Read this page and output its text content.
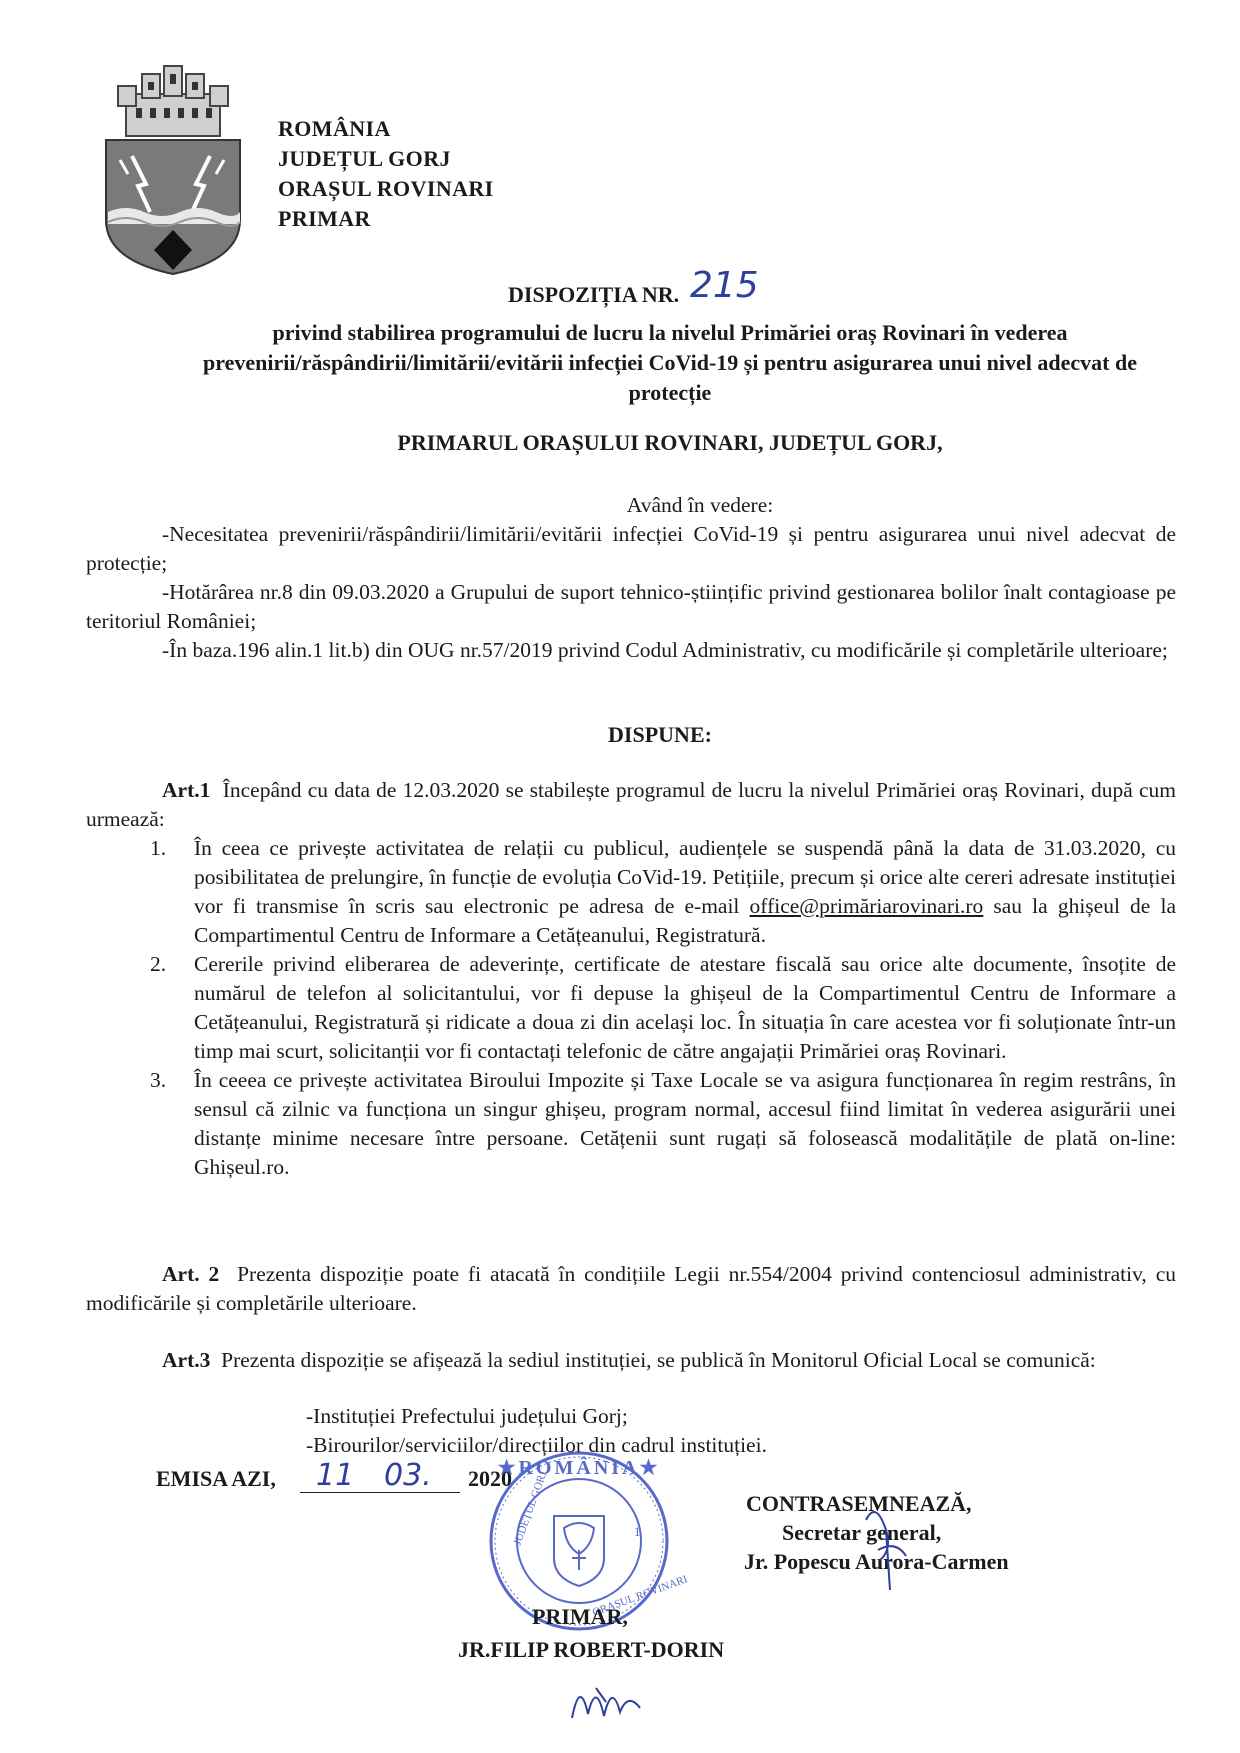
ROMÂNIA
JUDEȚUL GORJ
ORAȘUL ROVINARI
PRIMAR
DISPOZIȚIA NR. 215
privind stabilirea programului de lucru la nivelul Primăriei oraș Rovinari în vederea prevenirii/răspândirii/limitării/evitării infecției CoVid-19 și pentru asigurarea unui nivel adecvat de protecție
PRIMARUL ORAȘULUI ROVINARI, JUDEȚUL GORJ,
Având în vedere:
-Necesitatea prevenirii/răspândirii/limitării/evitării infecției CoVid-19 și pentru asigurarea unui nivel adecvat de protecție;
-Hotărârea nr.8 din 09.03.2020 a Grupului de suport tehnico-științific privind gestionarea bolilor înalt contagioase pe teritoriul României;
-În baza.196 alin.1 lit.b) din OUG nr.57/2019 privind Codul Administrativ, cu modificările și completările ulterioare;
DISPUNE:
Art.1 Începând cu data de 12.03.2020 se stabilește programul de lucru la nivelul Primăriei oraș Rovinari, după cum urmează:
1. În ceea ce privește activitatea de relații cu publicul, audiențele se suspendă până la data de 31.03.2020, cu posibilitatea de prelungire, în funcție de evoluția CoVid-19. Petițiile, precum și orice alte cereri adresate instituției vor fi transmise în scris sau electronic pe adresa de e-mail office@primăriarovinari.ro sau la ghișeul de la Compartimentul Centru de Informare a Cetățeanului, Registratură.
2. Cererile privind eliberarea de adeverințe, certificate de atestare fiscală sau orice alte documente, însoțite de numărul de telefon al solicitantului, vor fi depuse la ghișeul de la Compartimentul Centru de Informare a Cetățeanului, Registratură și ridicate a doua zi din același loc. În situația în care acestea vor fi soluționate într-un timp mai scurt, solicitanții vor fi contactați telefonic de către angajații Primăriei oraș Rovinari.
3. În ceeea ce privește activitatea Biroului Impozite și Taxe Locale se va asigura funcționarea în regim restrâns, în sensul că zilnic va funcționa un singur ghișeu, program normal, accesul fiind limitat în vederea asigurării unei distanțe minime necesare între persoane. Cetățenii sunt rugați să folosească modalitățile de plată on-line: Ghișeul.ro.
Art. 2 Prezenta dispoziție poate fi atacată în condițiile Legii nr.554/2004 privind contenciosul administrativ, cu modificările și completările ulterioare.
Art.3 Prezenta dispoziție se afișează la sediul instituției, se publică în Monitorul Oficial Local se comunică:
-Instituției Prefectului județului Gorj;
-Birourilor/serviciilor/direcțiilor din cadrul instituției.
EMISA AZI, 11 03. 2020
★ROMÂNIA★
JUDEȚUL GORJ
ORAȘUL ROVINARI
1
CONTRASEMNEAZĂ,
Secretar general,
Jr. Popescu Aurora-Carmen
PRIMAR,
JR.FILIP ROBERT-DORIN
